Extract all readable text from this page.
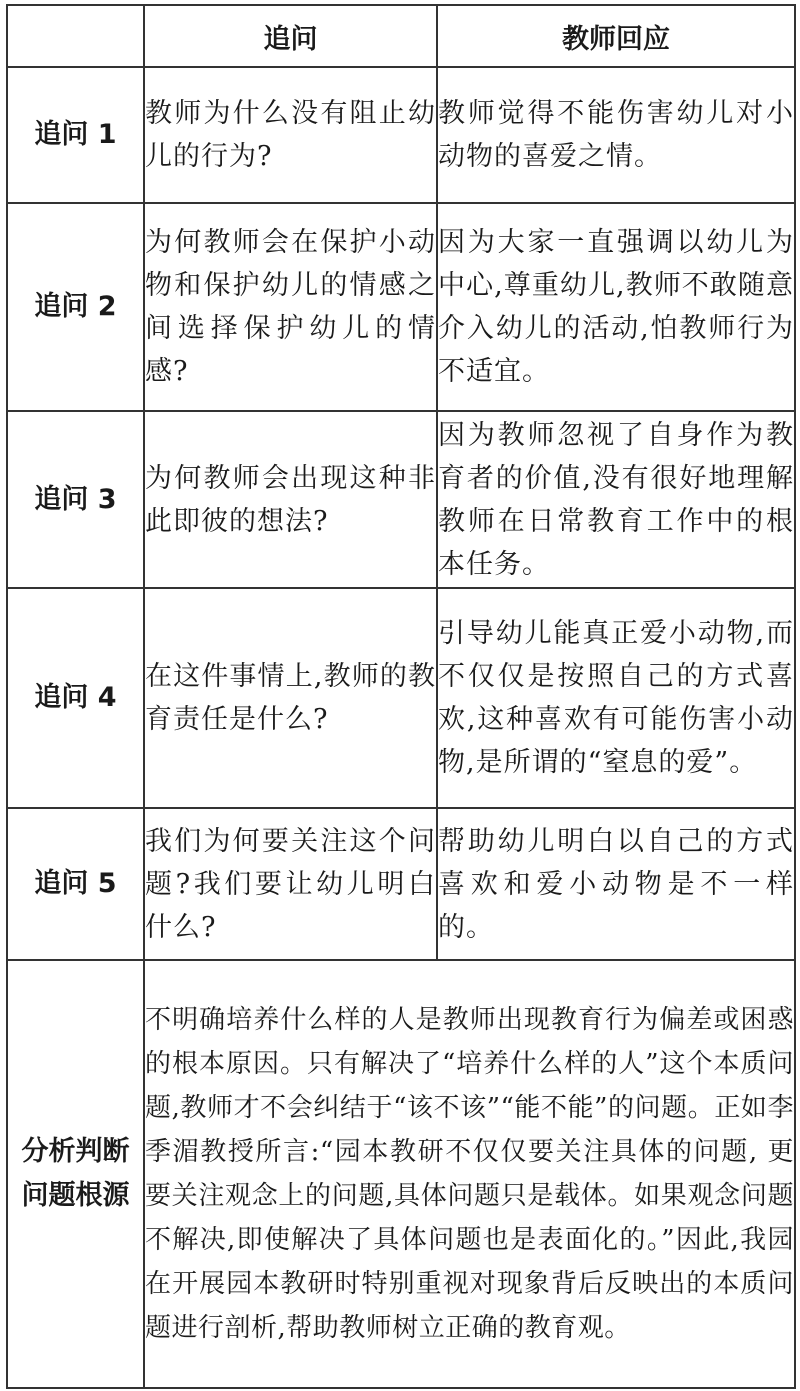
	追问	教师回应
追问 1	教师为什么没有阻止幼儿的行为?	教师觉得不能伤害幼儿对小动物的喜爱之情。
追问 2	为何教师会在保护小动物和保护幼儿的情感之间选择保护幼儿的情感?	因为大家一直强调以幼儿为中心,尊重幼儿,教师不敢随意介入幼儿的活动,怕教师行为不适宜。
追问 3	为何教师会出现这种非此即彼的想法?	因为教师忽视了自身作为教育者的价值,没有很好地理解教师在日常教育工作中的根本任务。
追问 4	在这件事情上,教师的教育责任是什么?	引导幼儿能真正爱小动物,而不仅仅是按照自己的方式喜欢,这种喜欢有可能伤害小动物,是所谓的“窒息的爱”。
追问 5	我们为何要关注这个问题?我们要让幼儿明白什么?	帮助幼儿明白以自己的方式喜欢和爱小动物是不一样的。

分析判断问题根源	不明确培养什么样的人是教师出现教育行为偏差或困惑的根本原因。只有解决了“培养什么样的人”这个本质问题,教师才不会纠结于“该不该”“能不能”的问题。正如李季湄教授所言:“园本教研不仅仅要关注具体的问题, 更要关注观念上的问题,具体问题只是载体。如果观念问题不解决,即使解决了具体问题也是表面化的。”因此,我园在开展园本教研时特别重视对现象背后反映出的本质问题进行剖析,帮助教师树立正确的教育观。	
